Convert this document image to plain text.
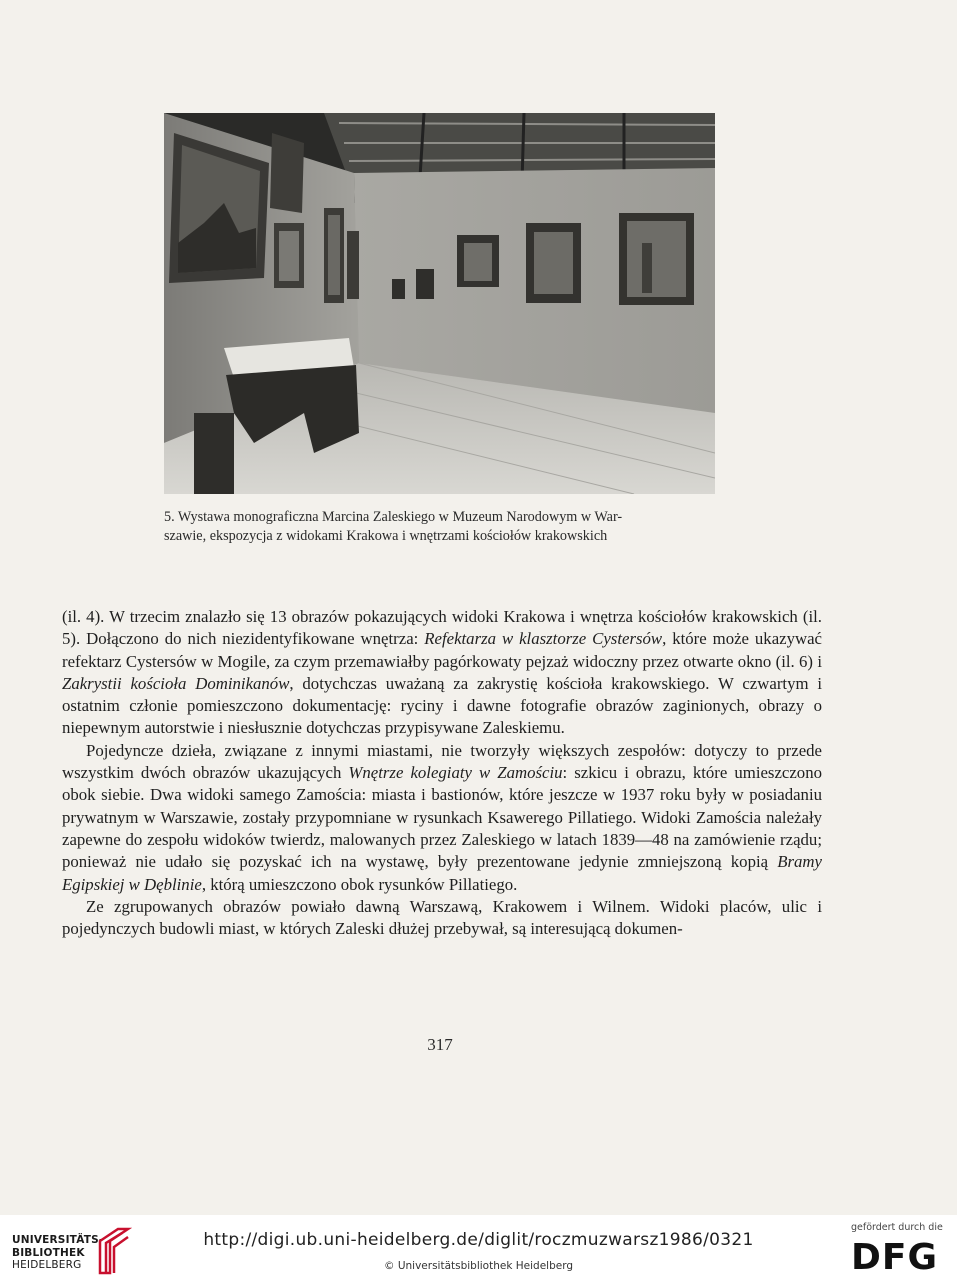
5. Wystawa monograficzna Marcina Zaleskiego w Muzeum Narodowym w War-

szawie, ekspozycja z widokami Krakowa i wnętrzami kościołów krakowskich

(il. 4). W trzecim znalazło się 13 obrazów pokazujących widoki Krakowa i wnętrza kościołów krakowskich (il. 5). Dołączono do nich niezidentyfikowane wnętrza: Refektarza w klasztorze Cystersów, które może ukazywać refektarz Cystersów w Mogile, za czym przemawiałby pagórkowaty pejzaż widoczny przez otwarte okno (il. 6) i Zakrystii kościoła Dominikanów, dotychczas uważaną za zakrystię kościoła krakowskiego. W czwartym i ostatnim członie pomieszczono dokumentację: ryciny i dawne fotografie obrazów zaginionych, obrazy o niepewnym autorstwie i niesłusznie dotychczas przypisywane Zaleskiemu.

Pojedyncze dzieła, związane z innymi miastami, nie tworzyły większych zespołów: dotyczy to przede wszystkim dwóch obrazów ukazujących Wnętrze kolegiaty w Zamościu: szkicu i obrazu, które umieszczono obok siebie. Dwa widoki samego Zamościa: miasta i bastionów, które jeszcze w 1937 roku były w posiadaniu prywatnym w Warszawie, zostały przypomniane w rysunkach Ksawerego Pillatiego. Widoki Zamościa należały zapewne do zespołu widoków twierdz, malowanych przez Zaleskiego w latach 1839—48 na zamówienie rządu; ponieważ nie udało się pozyskać ich na wystawę, były prezentowane jedynie zmniejszoną kopią Bramy Egipskiej w Dęblinie, którą umieszczono obok rysunków Pillatiego.

Ze zgrupowanych obrazów powiało dawną Warszawą, Krakowem i Wilnem. Widoki placów, ulic i pojedynczych budowli miast, w których Zaleski dłużej przebywał, są interesującą dokumen-

317
UNIVERSITÄTS-
BIBLIOTHEK
HEIDELBERG
http://digi.ub.uni-heidelberg.de/diglit/roczmuzwarsz1986/0321
© Universitätsbibliothek Heidelberg
gefördert durch die
DFG
